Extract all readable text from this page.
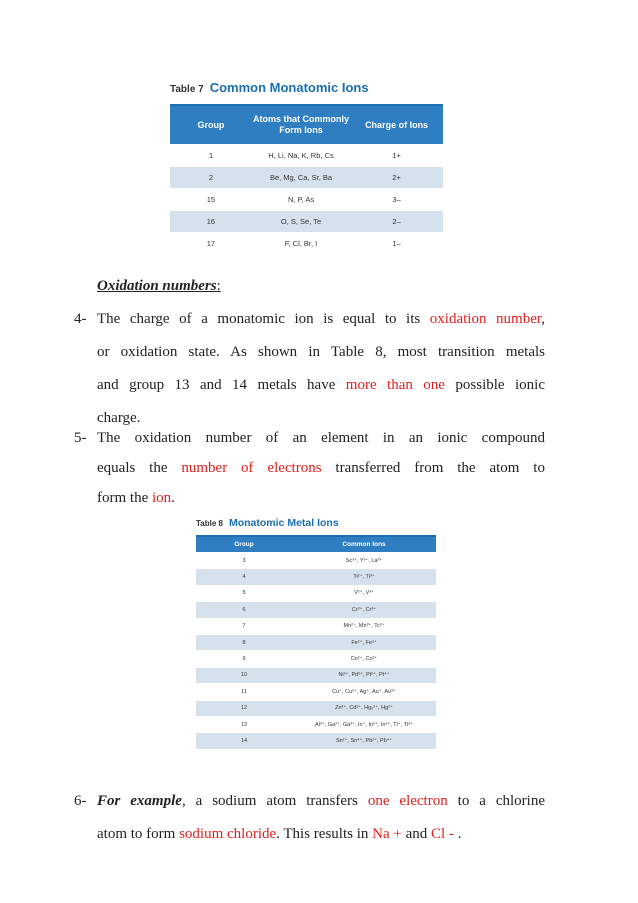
Table 7 Common Monatomic Ions
Group	Atoms that Commonly Form Ions	Charge of Ions
1	H, Li, Na, K, Rb, Cs	1+
2	Be, Mg, Ca, Sr, Ba	2+
15	N, P, As	3–
16	O, S, Se, Te	2–
17	F, Cl, Br, I	1–
Oxidation numbers:
4- The charge of a monatomic ion is equal to its oxidation number,
or oxidation state. As shown in Table 8, most transition metals
and group 13 and 14 metals have more than one possible ionic
charge.
5- The oxidation number of an element in an ionic compound
equals the number of electrons transferred from the atom to
form the ion.
Table 8 Monatomic Metal Ions
Group	Common Ions
3	Sc³⁺, Y³⁺, La³⁺
4	Ti²⁺, Ti³⁺
5	V²⁺, V³⁺
6	Cr²⁺, Cr³⁺
7	Mn²⁺, Mn³⁺, Tc²⁺
8	Fe²⁺, Fe³⁺
9	Co²⁺, Co³⁺
10	Ni²⁺, Pd²⁺, Pt²⁺, Pt⁴⁺
11	Cu⁺, Cu²⁺, Ag⁺, Au⁺, Au³⁺
12	Zn²⁺, Cd²⁺, Hg₂²⁺, Hg²⁺
13	Al³⁺, Ga²⁺, Ga³⁺, In⁺, In²⁺, In³⁺, Tl⁺, Tl³⁺
14	Sn²⁺, Sn⁴⁺, Pb²⁺, Pb⁴⁺
6- For example, a sodium atom transfers one electron to a chlorine
atom to form sodium chloride. This results in Na + and Cl - .
